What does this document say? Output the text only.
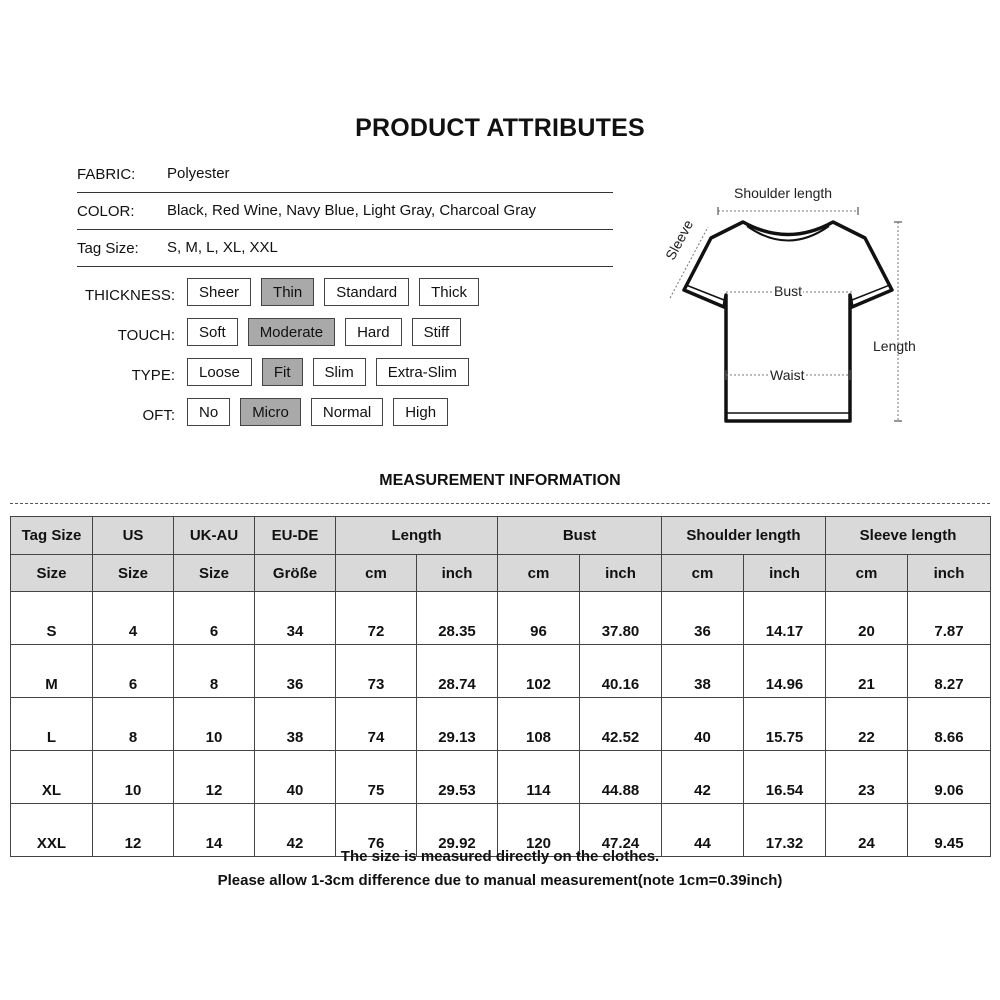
PRODUCT ATTRIBUTES
FABRIC: Polyester
COLOR: Black, Red Wine, Navy Blue, Light Gray, Charcoal Gray
Tag Size: S, M, L, XL, XXL
THICKNESS:	Sheer	Thin	Standard	Thick
TOUCH:	Soft	Moderate	Hard	Stiff
TYPE:	Loose	Fit	Slim	Extra-Slim
OFT:	No	Micro	Normal	High
Shoulder length
Sleeve
Bust
Length
Waist
MEASUREMENT INFORMATION
Tag Size	US	UK-AU	EU-DE	Length		Bust		Shoulder length		Sleeve length	
Size	Size	Size	Größe	cm	inch	cm	inch	cm	inch	cm	inch
S	4	6	34	72	28.35	96	37.80	36	14.17	20	7.87
M	6	8	36	73	28.74	102	40.16	38	14.96	21	8.27
L	8	10	38	74	29.13	108	42.52	40	15.75	22	8.66
XL	10	12	40	75	29.53	114	44.88	42	16.54	23	9.06
XXL	12	14	42	76	29.92	120	47.24	44	17.32	24	9.45
The size is measured directly on the clothes.
Please allow 1-3cm difference due to manual measurement(note 1cm=0.39inch)
